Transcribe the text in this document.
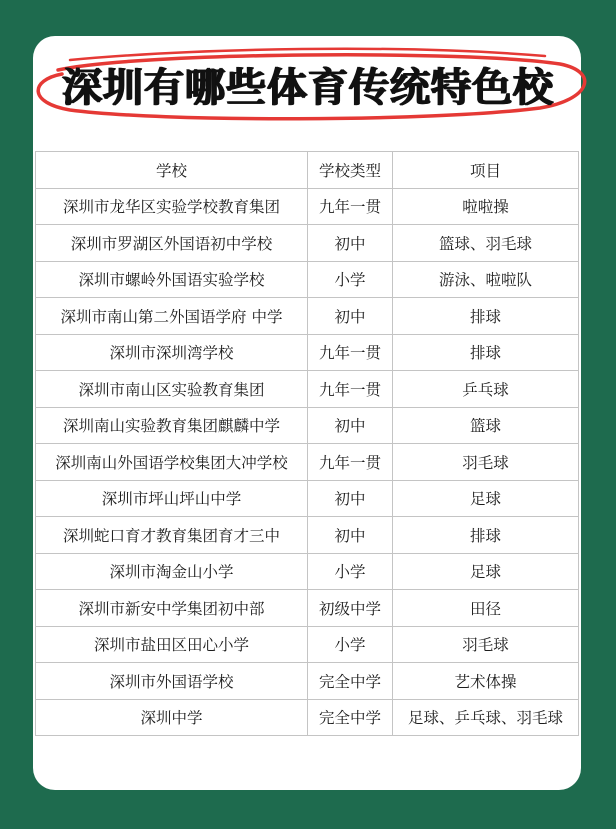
深圳有哪些体育传统特色校
学校	学校类型	项目
深圳市龙华区实验学校教育集团	九年一贯	啦啦操
深圳市罗湖区外国语初中学校	初中	篮球、羽毛球
深圳市螺岭外国语实验学校	小学	游泳、啦啦队
深圳市南山第二外国语学府 中学	初中	排球
深圳市深圳湾学校	九年一贯	排球
深圳市南山区实验教育集团	九年一贯	乒乓球
深圳南山实验教育集团麒麟中学	初中	篮球
深圳南山外国语学校集团大冲学校	九年一贯	羽毛球
深圳市坪山坪山中学	初中	足球
深圳蛇口育才教育集团育才三中	初中	排球
深圳市淘金山小学	小学	足球
深圳市新安中学集团初中部	初级中学	田径
深圳市盐田区田心小学	小学	羽毛球
深圳市外国语学校	完全中学	艺术体操
深圳中学	完全中学	足球、乒乓球、羽毛球
